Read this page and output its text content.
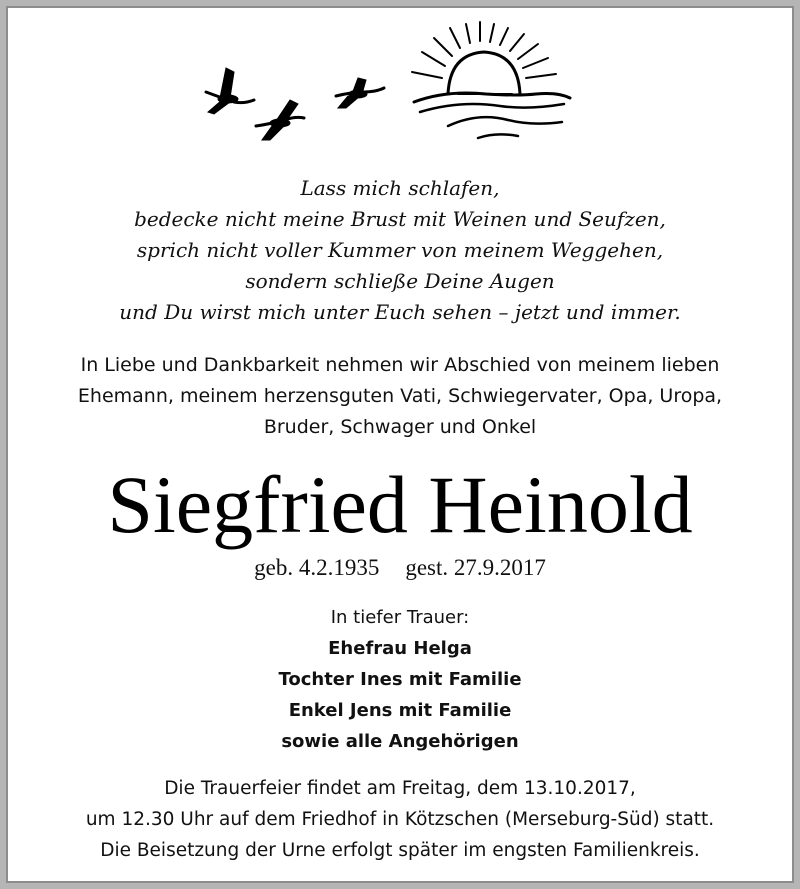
Lass mich schlafen,
bedecke nicht meine Brust mit Weinen und Seufzen,
sprich nicht voller Kummer von meinem Weggehen,
sondern schließe Deine Augen
und Du wirst mich unter Euch sehen – jetzt und immer.
In Liebe und Dankbarkeit nehmen wir Abschied von meinem lieben
Ehemann, meinem herzensguten Vati, Schwiegervater, Opa, Uropa,
Bruder, Schwager und Onkel
Siegfried Heinold
geb. 4.2.1935 gest. 27.9.2017
In tiefer Trauer:
Ehefrau Helga
Tochter Ines mit Familie
Enkel Jens mit Familie
sowie alle Angehörigen
Die Trauerfeier findet am Freitag, dem 13.10.2017,
um 12.30 Uhr auf dem Friedhof in Kötzschen (Merseburg-Süd) statt.
Die Beisetzung der Urne erfolgt später im engsten Familienkreis.
